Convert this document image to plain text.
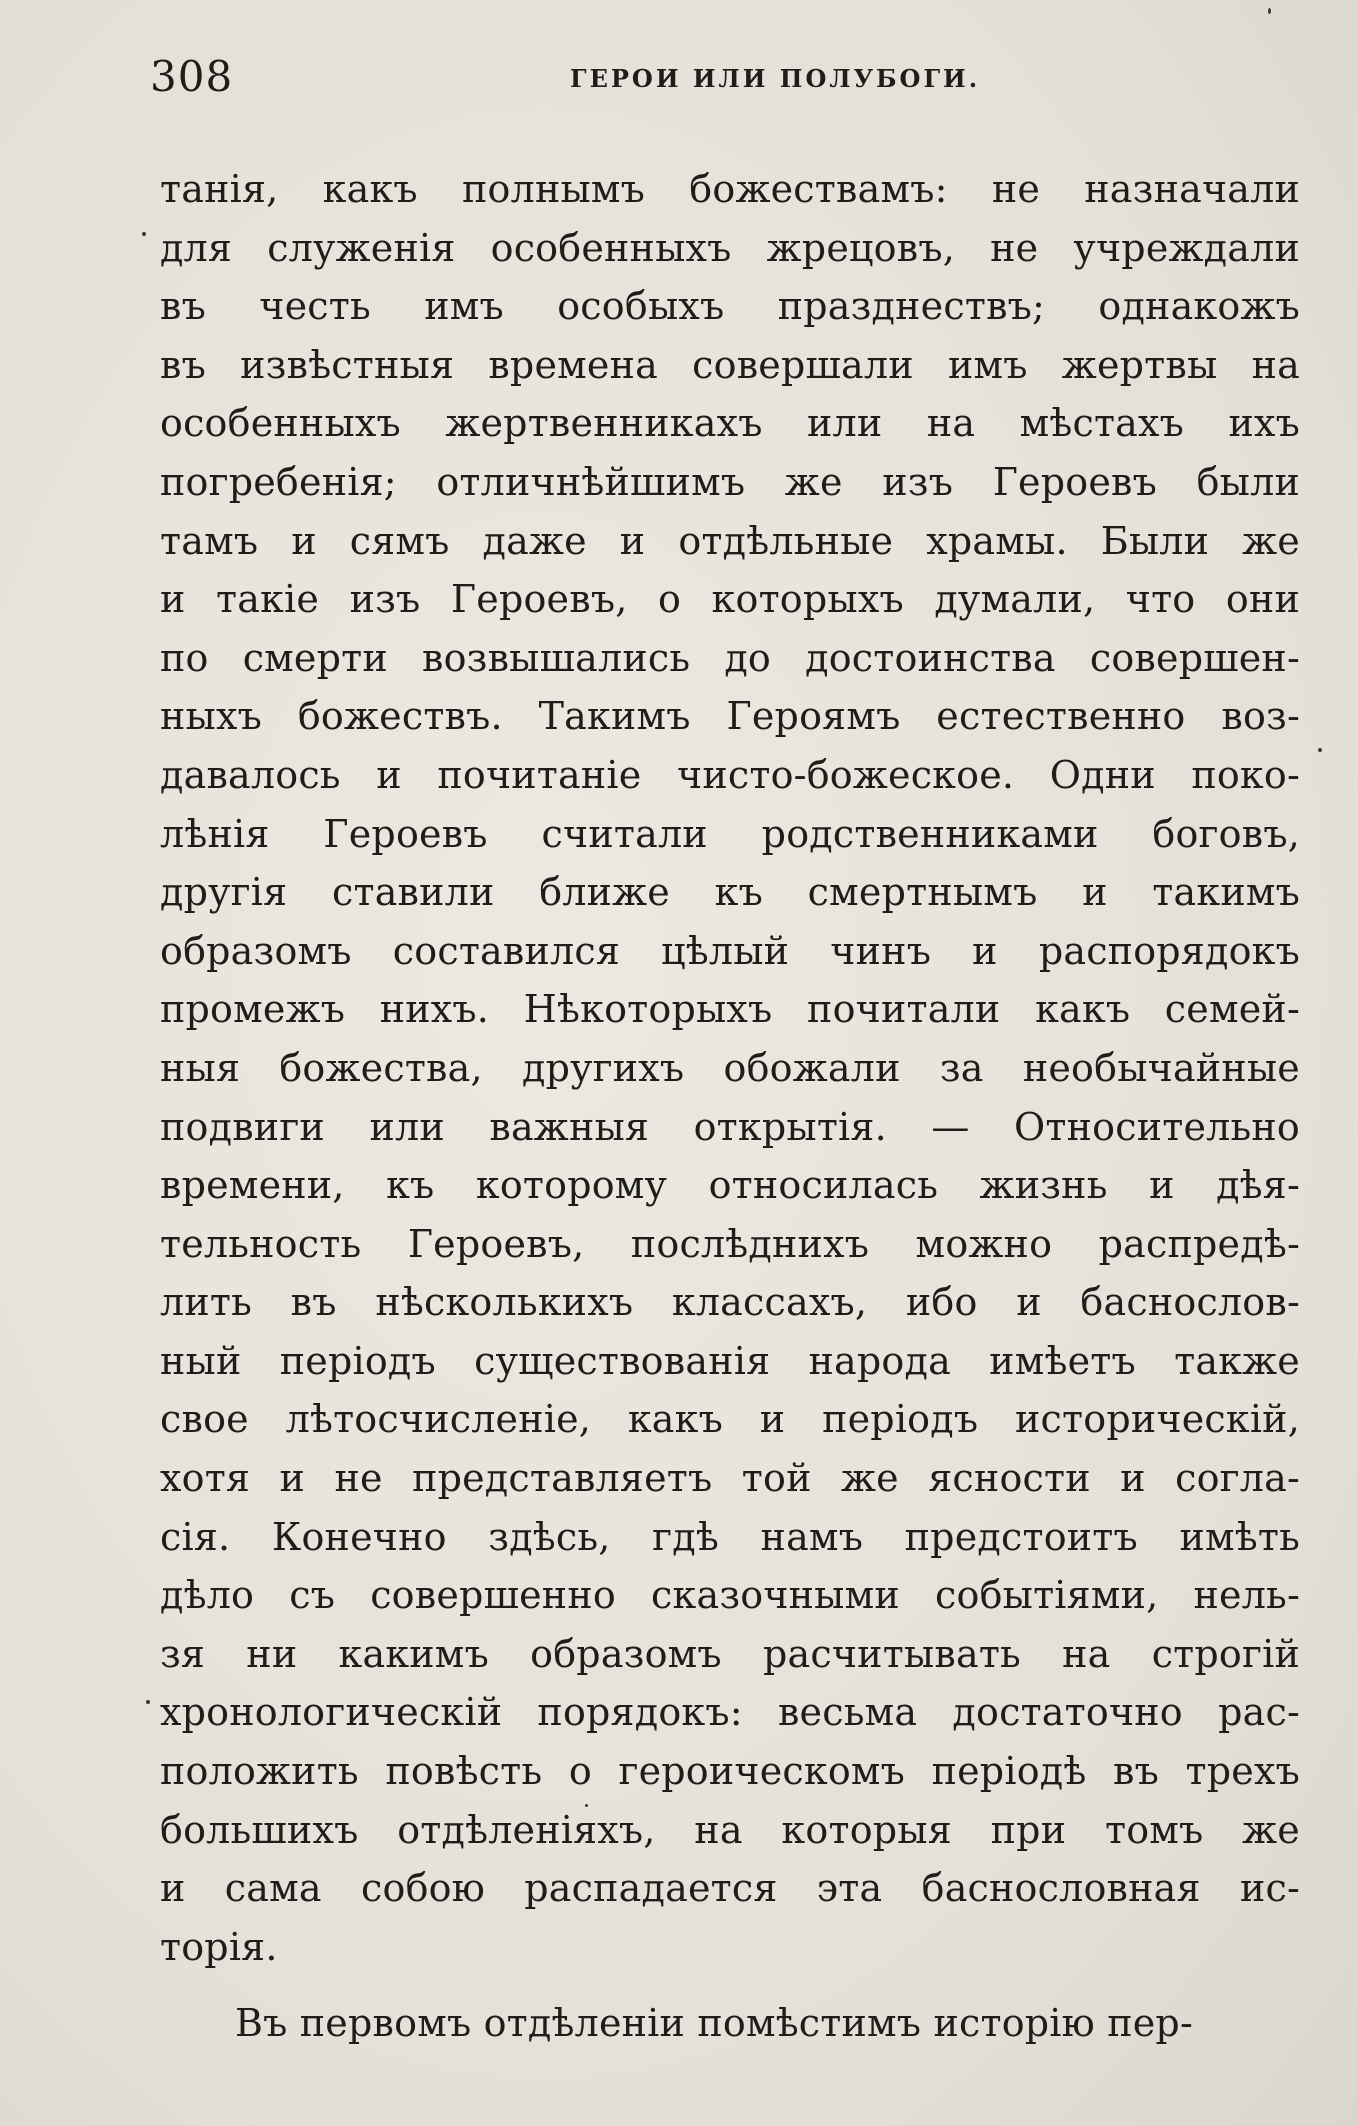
308	ГЕРОИ ИЛИ ПОЛУБОГИ.
танія, какъ полнымъ божествамъ: не назначали
для служенія особенныхъ жрецовъ, не учреждали
въ честь имъ особыхъ празднествъ; однакожъ
въ извѣстныя времена совершали имъ жертвы на
особенныхъ жертвенникахъ или на мѣстахъ ихъ
погребенія; отличнѣйшимъ же изъ Героевъ были
тамъ и сямъ даже и отдѣльные храмы. Были же
и такіе изъ Героевъ, о которыхъ думали, что они
по смерти возвышались до достоинства совершен-
ныхъ божествъ. Такимъ Героямъ естественно воз-
давалось и почитаніе чисто-божеское. Одни поко-
лѣнія Героевъ считали родственниками боговъ,
другія ставили ближе къ смертнымъ и такимъ
образомъ составился цѣлый чинъ и распорядокъ
промежъ нихъ. Нѣкоторыхъ почитали какъ семей-
ныя божества, другихъ обожали за необычайные
подвиги или важныя открытія. — Относительно
времени, къ которому относилась жизнь и дѣя-
тельность Героевъ, послѣднихъ можно распредѣ-
лить въ нѣсколькихъ классахъ, ибо и баснослов-
ный періодъ существованія народа имѣетъ также
свое лѣтосчисленіе, какъ и періодъ историческій,
хотя и не представляетъ той же ясности и согла-
сія. Конечно здѣсь, гдѣ намъ предстоитъ имѣть
дѣло съ совершенно сказочными событіями, нель-
зя ни какимъ образомъ расчитывать на строгій
хронологическій порядокъ: весьма достаточно рас-
положить повѣсть о героическомъ періодѣ въ трехъ
большихъ отдѣленіяхъ, на которыя при томъ же
и сама собою распадается эта баснословная ис-
торія.
Въ первомъ отдѣленіи помѣстимъ исторію пер-
